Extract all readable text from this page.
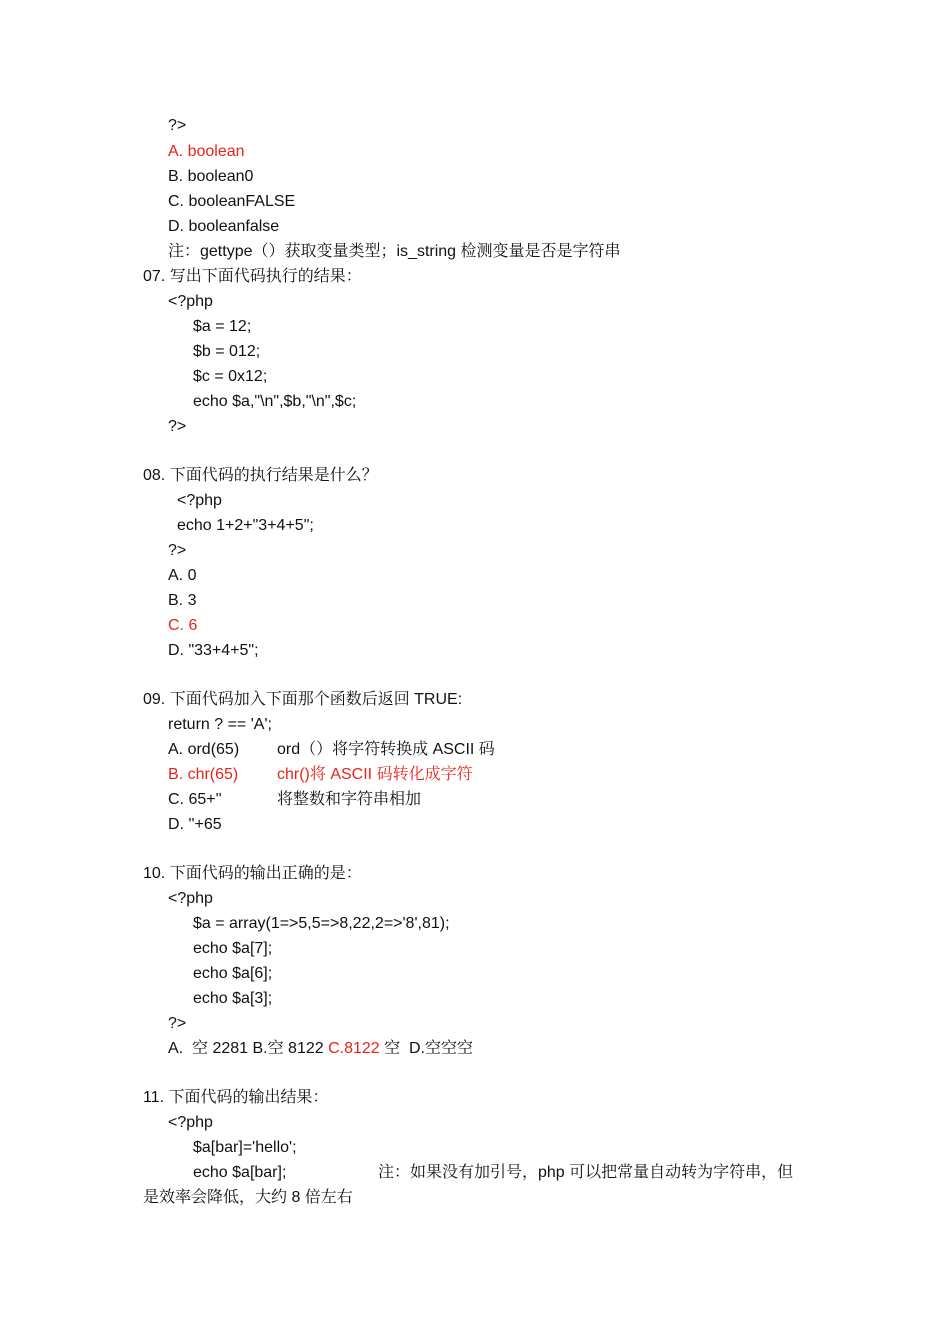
?>
A. boolean
B. boolean0
C. booleanFALSE
D. booleanfalse
注：gettype（）获取变量类型；is_string 检测变量是否是字符串
07. 写出下面代码执行的结果：
<?php
$a = 12;
$b = 012;
$c = 0x12;
echo $a,"\n",$b,"\n",$c;
?>
08. 下面代码的执行结果是什么？
<?php
echo 1+2+"3+4+5";
?>
A. 0
B. 3
C. 6
D. "33+4+5";
09. 下面代码加入下面那个函数后返回 TRUE:
return ? == 'A';
A. ord(65) ord（）将字符转换成 ASCII 码
B. chr(65) chr()将 ASCII 码转化成字符
C. 65+''	将整数和字符串相加
D. ''+65
10. 下面代码的输出正确的是：
<?php
$a = array(1=>5,5=>8,22,2=>'8',81);
echo $a[7];
echo $a[6];
echo $a[3];
?>
A.  空 2281 B.空 8122 C.8122 空  D.空空空
11. 下面代码的输出结果：
<?php
$a[bar]='hello';
echo $a[bar];	注：如果没有加引号，php 可以把常量自动转为字符串，但
是效率会降低，大约 8 倍左右
